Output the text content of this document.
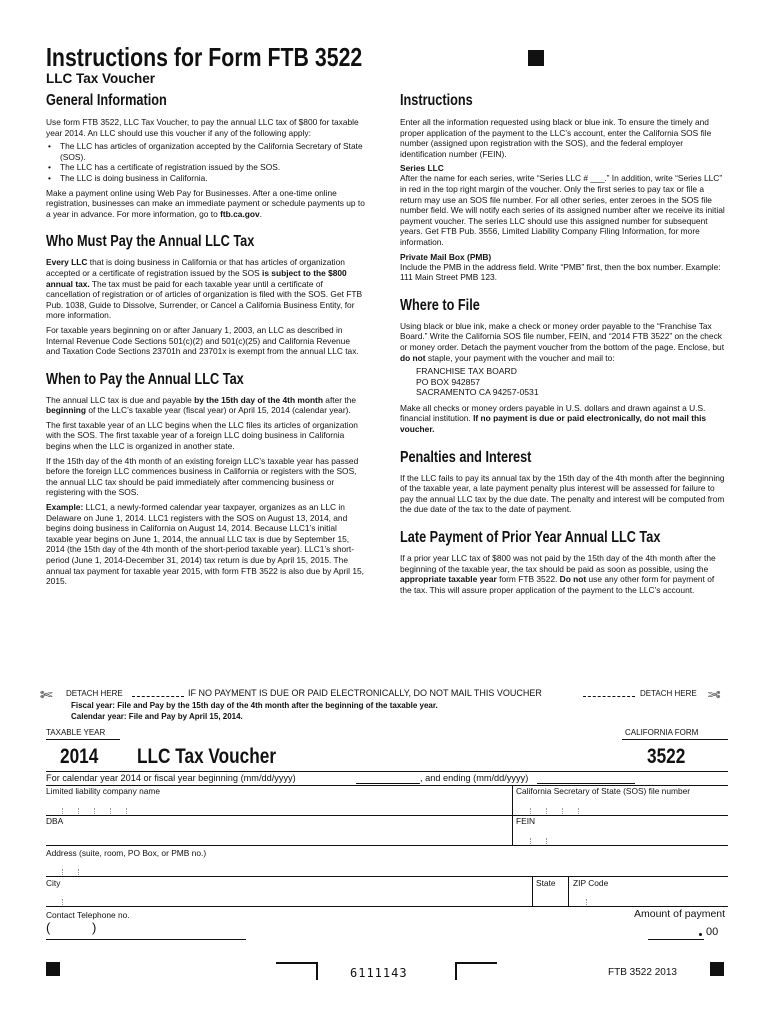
Instructions for Form FTB 3522
LLC Tax Voucher
General Information
Use form FTB 3522, LLC Tax Voucher, to pay the annual LLC tax of $800 for taxable year 2014. An LLC should use this voucher if any of the following apply:
• The LLC has articles of organization accepted by the California Secretary of State (SOS).
• The LLC has a certificate of registration issued by the SOS.
• The LLC is doing business in California.
Make a payment online using Web Pay for Businesses. After a one-time online registration, businesses can make an immediate payment or schedule payments up to a year in advance. For more information, go to ftb.ca.gov.
Who Must Pay the Annual LLC Tax
Every LLC that is doing business in California or that has articles of organization accepted or a certificate of registration issued by the SOS is subject to the $800 annual tax. The tax must be paid for each taxable year until a certificate of cancellation of registration or of articles of organization is filed with the SOS. Get FTB Pub. 1038, Guide to Dissolve, Surrender, or Cancel a California Business Entity, for more information.
For taxable years beginning on or after January 1, 2003, an LLC as described in Internal Revenue Code Sections 501(c)(2) and 501(c)(25) and California Revenue and Taxation Code Sections 23701h and 23701x is exempt from the annual LLC tax.
When to Pay the Annual LLC Tax
The annual LLC tax is due and payable by the 15th day of the 4th month after the beginning of the LLC’s taxable year (fiscal year) or April 15, 2014 (calendar year).
The first taxable year of an LLC begins when the LLC files its articles of organization with the SOS. The first taxable year of a foreign LLC doing business in California begins when the LLC is organized in another state.
If the 15th day of the 4th month of an existing foreign LLC’s taxable year has passed before the foreign LLC commences business in California or registers with the SOS, the annual LLC tax should be paid immediately after commencing business or registering with the SOS.
Example: LLC1, a newly-formed calendar year taxpayer, organizes as an LLC in Delaware on June 1, 2014. LLC1 registers with the SOS on August 13, 2014, and begins doing business in California on August 14, 2014. Because LLC1’s initial taxable year begins on June 1, 2014, the annual LLC tax is due by September 15, 2014 (the 15th day of the 4th month of the short-period taxable year). LLC1’s short-period (June 1, 2014-December 31, 2014) tax return is due by April 15, 2015. The annual tax payment for taxable year 2015, with form FTB 3522 is also due by April 15, 2015.
Instructions
Enter all the information requested using black or blue ink. To ensure the timely and proper application of the payment to the LLC’s account, enter the California SOS file number (assigned upon registration with the SOS), and the federal employer identification number (FEIN).
Series LLC
After the name for each series, write “Series LLC # ___.” In addition, write “Series LLC” in red in the top right margin of the voucher. Only the first series to pay tax or file a return may use an SOS file number. For all other series, enter zeroes in the SOS file number field. We will notify each series of its assigned number after we receive its initial payment voucher. The series LLC should use this assigned number for subsequent years. Get FTB Pub. 3556, Limited Liability Company Filing Information, for more information.
Private Mail Box (PMB)
Include the PMB in the address field. Write “PMB” first, then the box number. Example: 111 Main Street PMB 123.
Where to File
Using black or blue ink, make a check or money order payable to the “Franchise Tax Board.” Write the California SOS file number, FEIN, and “2014 FTB 3522” on the check or money order. Detach the payment voucher from the bottom of the page. Enclose, but do not staple, your payment with the voucher and mail to:
FRANCHISE TAX BOARD
PO BOX 942857
SACRAMENTO CA 94257-0531
Make all checks or money orders payable in U.S. dollars and drawn against a U.S. financial institution. If no payment is due or paid electronically, do not mail this voucher.
Penalties and Interest
If the LLC fails to pay its annual tax by the 15th day of the 4th month after the beginning of the taxable year, a late payment penalty plus interest will be assessed for failure to pay the annual LLC tax by the due date. The penalty and interest will be computed from the due date of the tax to the date of payment.
Late Payment of Prior Year Annual LLC Tax
If a prior year LLC tax of $800 was not paid by the 15th day of the 4th month after the beginning of the taxable year, the tax should be paid as soon as possible, using the appropriate taxable year form FTB 3522. Do not use any other form for payment of the tax. This will assure proper application of the payment to the LLC’s account.
✄ DETACH HERE	IF NO PAYMENT IS DUE OR PAID ELECTRONICALLY, DO NOT MAIL THIS VOUCHER	DETACH HERE ✄
Fiscal year: File and Pay by the 15th day of the 4th month after the beginning of the taxable year.
Calendar year: File and Pay by April 15, 2014.
TAXABLE YEAR	CALIFORNIA FORM
2014 LLC Tax Voucher	3522
For calendar year 2014 or fiscal year beginning (mm/dd/yyyy)	, and ending (mm/dd/yyyy)
Limited liability company name	California Secretary of State (SOS) file number
DBA	FEIN
Address (suite, room, PO Box, or PMB no.)
City	State ZIP Code
Contact Telephone no.
(	)
Amount of payment
00
6111143	FTB 3522 2013
